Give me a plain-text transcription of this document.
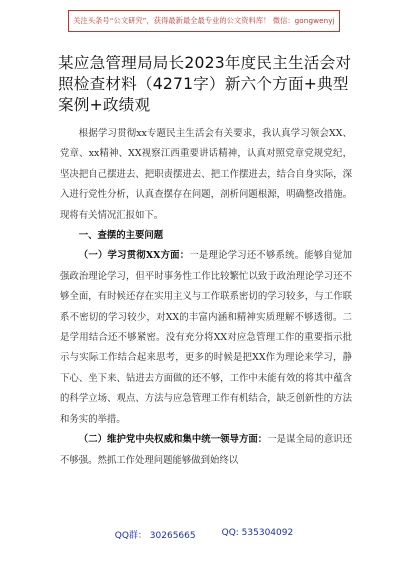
关注头条号“公文研究”，获得最新最全最专业的公文资料库！ 微信：gongwenyj
某应急管理局局长2023年度民主生活会对照检查材料（4271字）新六个方面+典型案例+政绩观

根据学习贯彻xx专题民主生活会有关要求，我认真学习领会XX、党章、xx精神、XX视察江西重要讲话精神，认真对照党章党规党纪，坚决把自己摆进去、把职责摆进去、把工作摆进去，结合自身实际，深入进行党性分析，认真查摆存在问题，剖析问题根源，明确整改措施。现将有关情况汇报如下。

一、查摆的主要问题

（一）学习贯彻XX方面：一是理论学习还不够系统。能够自觉加强政治理论学习，但平时事务性工作比较繁忙以致于政治理论学习还不够全面，有时候还存在实用主义与工作联系密切的学习较多，与工作联系不密切的学习较少，对XX的丰富内涵和精神实质理解不够透彻。二是学用结合还不够紧密。没有充分将XX对应急管理工作的重要指示批示与实际工作结合起来思考，更多的时候是把XX作为理论来学习，静下心、坐下来、钻进去方面做的还不够，工作中未能有效的将其中蕴含的科学立场、观点、方法与应急管理工作有机结合，缺乏创新性的方法和务实的举措。

（二）维护党中央权威和集中统一领导方面：一是谋全局的意识还不够强。然抓工作处理问题能够做到始终以

QQ群： 30265665	QQ: 535304092
